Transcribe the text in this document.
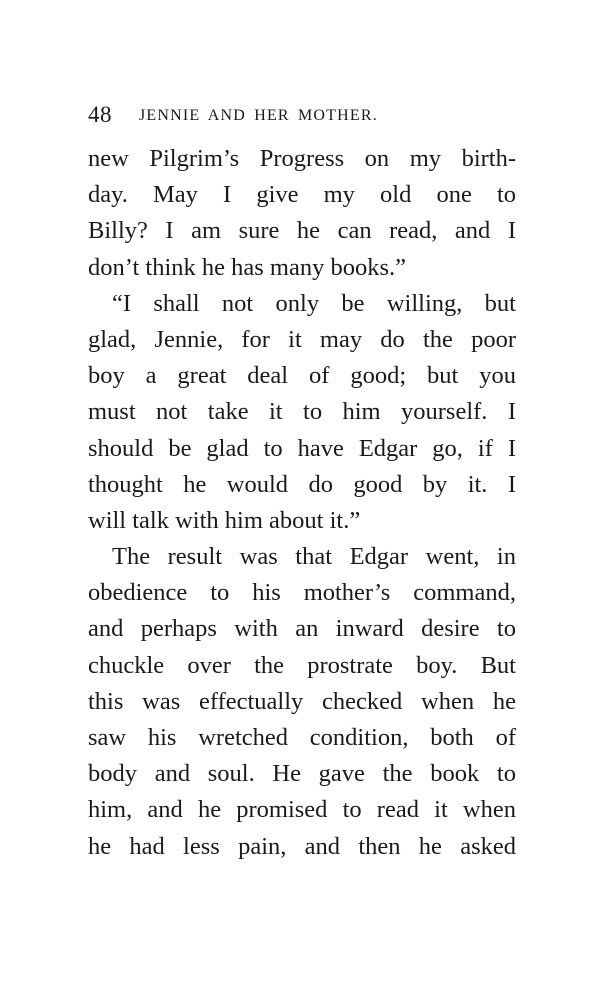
48 JENNIE AND HER MOTHER.
new Pilgrim’s Progress on my birth-
day. May I give my old one to
Billy? I am sure he can read, and I
don’t think he has many books.”
“I shall not only be willing, but
glad, Jennie, for it may do the poor
boy a great deal of good; but you
must not take it to him yourself. I
should be glad to have Edgar go, if I
thought he would do good by it. I
will talk with him about it.”
The result was that Edgar went, in
obedience to his mother’s command,
and perhaps with an inward desire to
chuckle over the prostrate boy. But
this was effectually checked when he
saw his wretched condition, both of
body and soul. He gave the book to
him, and he promised to read it when
he had less pain, and then he asked
